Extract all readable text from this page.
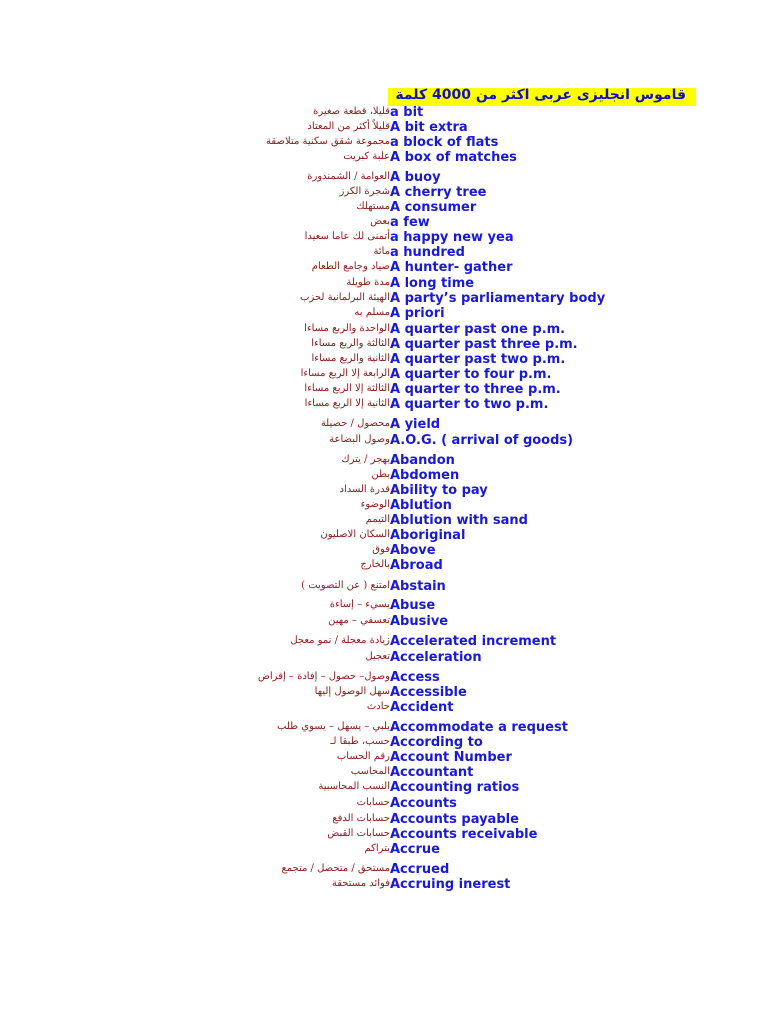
قاموس انجليزى عربى اكثر من 4000 كلمة
قليلا، قطعة صغيرة a bit
قليلاً أكثر من المعتاد A bit extra
مجموعة شقق سكنية متلاصقة a block of flats
علبة كبريت A box of matches
العوامة / الشمندورة A buoy
شجرة الكرز A cherry tree
مستهلك A consumer
بعض a few
أتمنى لك عاما سعيدا a happy new yea
مائة a hundred
صياد وجامع الطعام A hunter- gather
مدة طويلة A long time
الهيئة البرلمانية لحزب A party’s parliamentary body
مسلم به A priori
الواحدة والربع مساءا A quarter past one p.m.
الثالثة والربع مساءا A quarter past three p.m.
الثانية والربع مساءا A quarter past two p.m.
الرابعة إلا الربع مساءا A quarter to four p.m.
الثالثة إلا الربع مساءا A quarter to three p.m.
الثانية إلا الربع مساءا A quarter to two p.m.
محصول / حصيلة A yield
وصول البضاعة A.O.G. ( arrival of goods)
يهجر / يترك Abandon
بطن Abdomen
قدرة السداد Ability to pay
الوضوء Ablution
التيمم Ablution with sand
السكان الاصليون Aboriginal
فوق Above
بالخارج Abroad
امتنع ( عن التصويت ) Abstain
يسيء – إساءة Abuse
تعسفي – مهين Abusive
زيادة معجلة / نمو معجل Accelerated increment
تعجيل Acceleration
وصول– حصول – إفادة – إقراض Access
سهل الوصول إليها Accessible
حادث Accident
يلبي – يسهل – يسوي طلب Accommodate a request
حسب، طبقا لـ According to
رقم الحساب Account Number
المحاسب Accountant
النسب المحاسبية Accounting ratios
حسابات Accounts
حسابات الدفع Accounts payable
حسابات القبض Accounts receivable
يتراكم Accrue
مستحق / متحصل / متجمع Accrued
فوائد مستحقة Accruing inerest
